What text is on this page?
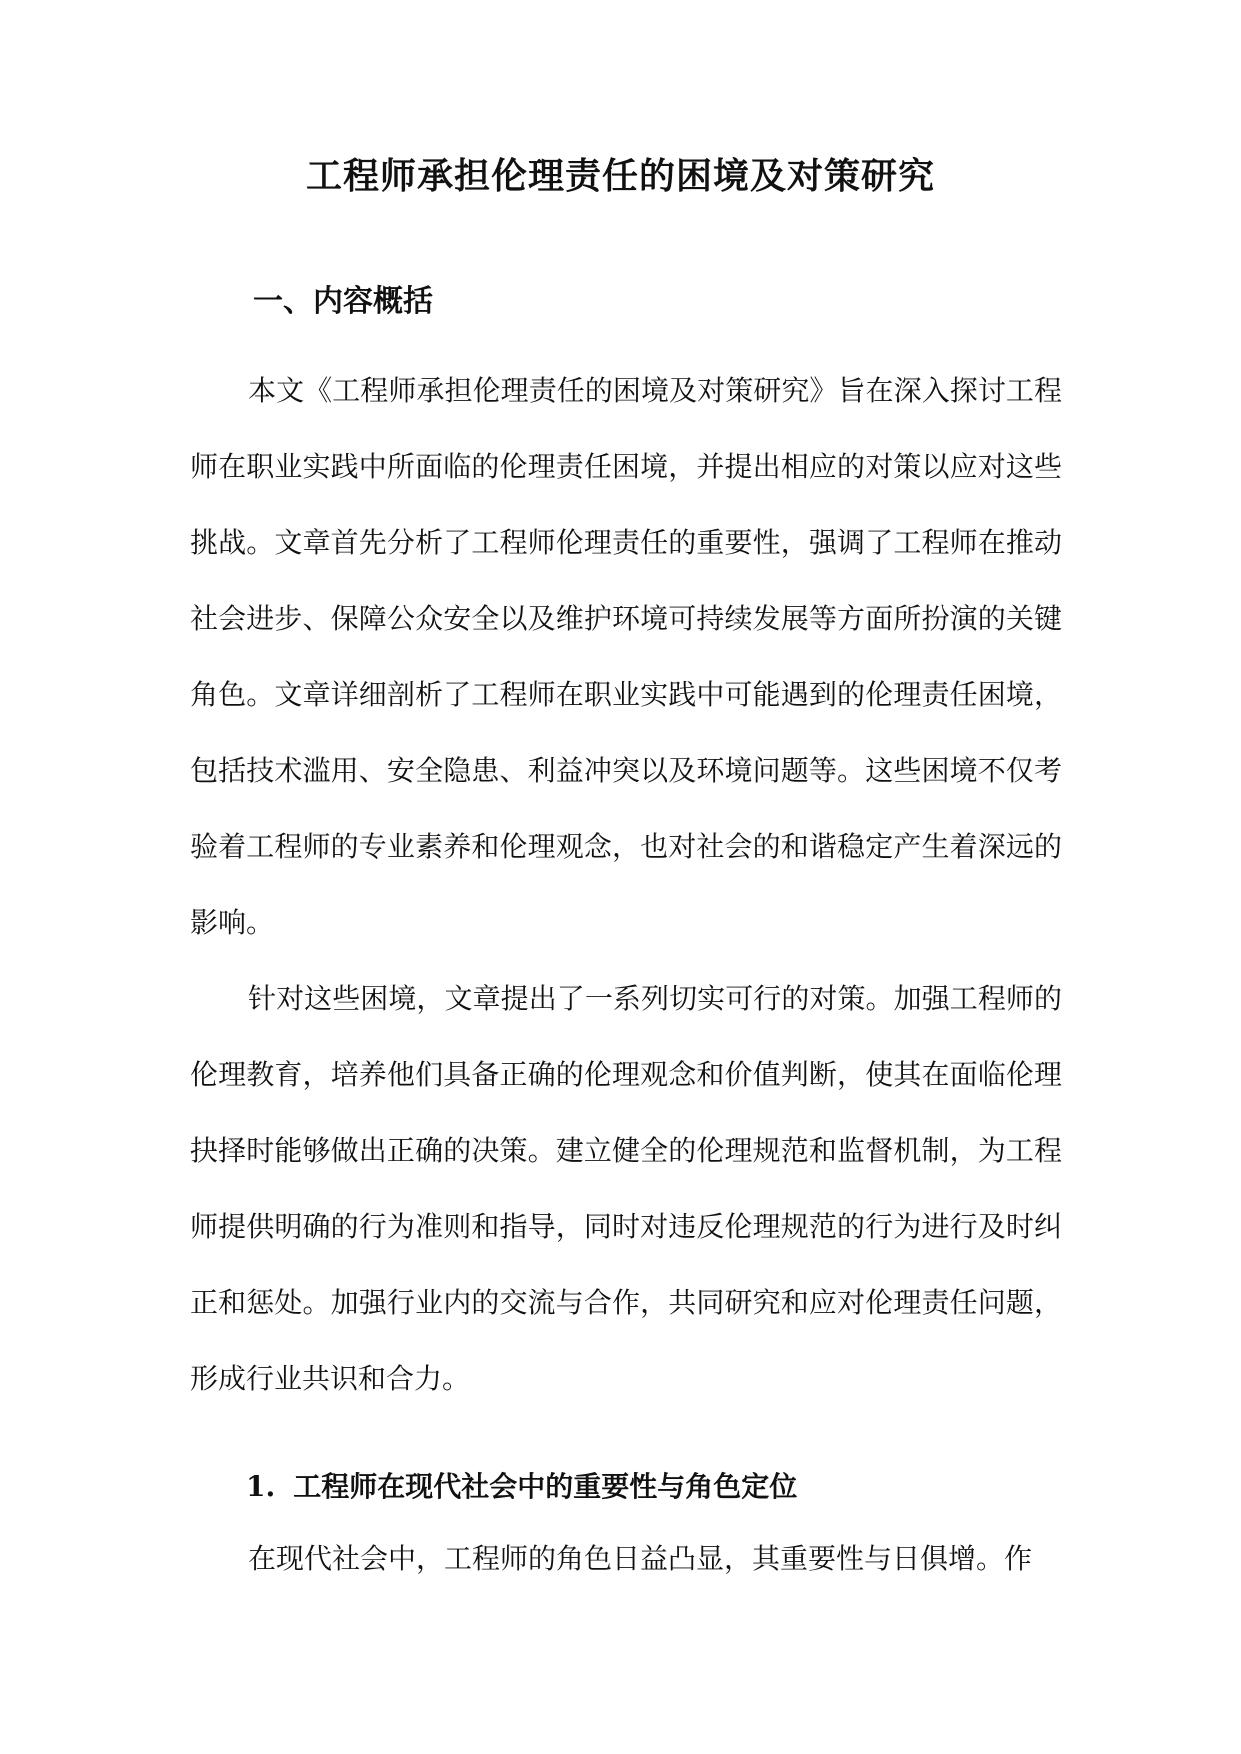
工程师承担伦理责任的困境及对策研究
一、内容概括

本文《工程师承担伦理责任的困境及对策研究》旨在深入探讨工程师在职业实践中所面临的伦理责任困境，并提出相应的对策以应对这些挑战。文章首先分析了工程师伦理责任的重要性，强调了工程师在推动社会进步、保障公众安全以及维护环境可持续发展等方面所扮演的关键角色。文章详细剖析了工程师在职业实践中可能遇到的伦理责任困境，包括技术滥用、安全隐患、利益冲突以及环境问题等。这些困境不仅考验着工程师的专业素养和伦理观念，也对社会的和谐稳定产生着深远的影响。

针对这些困境，文章提出了一系列切实可行的对策。加强工程师的伦理教育，培养他们具备正确的伦理观念和价值判断，使其在面临伦理抉择时能够做出正确的决策。建立健全的伦理规范和监督机制，为工程师提供明确的行为准则和指导，同时对违反伦理规范的行为进行及时纠正和惩处。加强行业内的交流与合作，共同研究和应对伦理责任问题，形成行业共识和合力。

1. 工程师在现代社会中的重要性与角色定位

在现代社会中，工程师的角色日益凸显，其重要性与日俱增。作
